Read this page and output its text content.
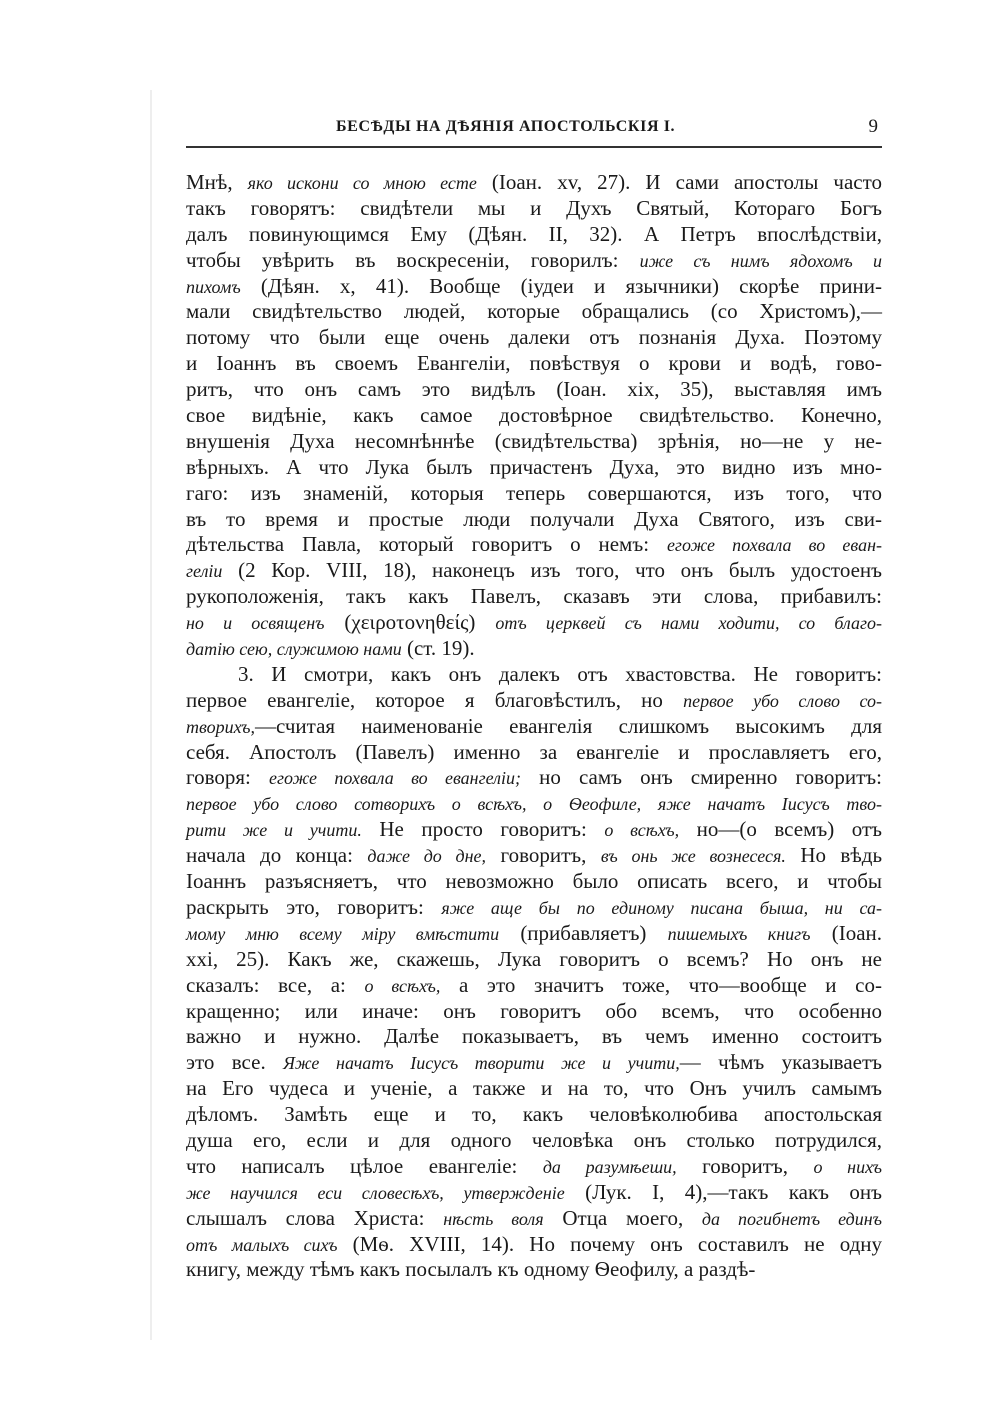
БЕСѢДЫ НА ДѢЯНІЯ АПОСТОЛЬСКІЯ I.	9
Мнѣ, яко искони со мною есте (Іоан. xv, 27). И сами апостолы часто
такъ говорятъ: свидѣтели мы и Духъ Святый, Котораго Богъ
далъ повинующимся Ему (Дѣян. II, 32). А Петръ впослѣдствіи,
чтобы увѣрить въ воскресеніи, говорилъ: иже съ нимъ ядохомъ и
пихомъ (Дѣян. x, 41). Вообще (іудеи и язычники) скорѣе прини-
мали свидѣтельство людей, которые обращались (со Христомъ),—
потому что были еще очень далеки отъ познанія Духа. Поэтому
и Іоаннъ въ своемъ Евангеліи, повѣствуя о крови и водѣ, гово-
ритъ, что онъ самъ это видѣлъ (Іоан. xix, 35), выставляя имъ
свое видѣніе, какъ самое достовѣрное свидѣтельство. Конечно,
внушенія Духа несомнѣннѣе (свидѣтельства) зрѣнія, но—не у не-
вѣрныхъ. А что Лука былъ причастенъ Духа, это видно изъ мно-
гаго: изъ знаменій, которыя теперь совершаются, изъ того, что
въ то время и простые люди получали Духа Святого, изъ сви-
дѣтельства Павла, который говоритъ о немъ: егоже похвала во еван-
геліи (2 Кор. VIII, 18), наконецъ изъ того, что онъ былъ удостоенъ
рукоположенія, такъ какъ Павелъ, сказавъ эти слова, прибавилъ:
но и освященъ (χειροτονηθείς) отъ церквей съ нами ходити, со благо-
датію сею, служимою нами (ст. 19).
3. И смотри, какъ онъ далекъ отъ хвастовства. Не говоритъ:
первое евангеліе, которое я благовѣстилъ, но первое убо слово со-
творихъ,—считая наименованіе евангелія слишкомъ высокимъ для
себя. Апостолъ (Павелъ) именно за евангеліе и прославляетъ его,
говоря: егоже похвала во евангеліи; но самъ онъ смиренно говоритъ:
первое убо слово сотворихъ о всѣхъ, о Ѳеофиле, яже начатъ Іисусъ тво-
рити же и учити. Не просто говоритъ: о всѣхъ, но—(о всемъ) отъ
начала до конца: даже до дне, говоритъ, въ онь же вознесеся. Но вѣдь
Іоаннъ разъясняетъ, что невозможно было описать всего, и чтобы
раскрыть это, говоритъ: яже аще бы по единому писана быша, ни са-
мому мню всему міру вмѣстити (прибавляетъ) пишемыхъ книгъ (Іоан.
xxi, 25). Какъ же, скажешь, Лука говоритъ о всемъ? Но онъ не
сказалъ: все, а: о всѣхъ, а это значитъ тоже, что—вообще и со-
кращенно; или иначе: онъ говоритъ обо всемъ, что особенно
важно и нужно. Далѣе показываетъ, въ чемъ именно состоитъ
это все. Яже начатъ Іисусъ творити же и учити,— чѣмъ указываетъ
на Его чудеса и ученіе, а также и на то, что Онъ училъ самымъ
дѣломъ. Замѣть еще и то, какъ человѣколюбива апостольская
душа его, если и для одного человѣка онъ столько потрудился,
что написалъ цѣлое евангеліе: да разумѣеши, говоритъ, о нихъ
же научился еси словесѣхъ, утвержденіе (Лук. I, 4),—такъ какъ онъ
слышалъ слова Христа: нѣсть воля Отца моего, да погибнетъ единъ
отъ малыхъ сихъ (Мѳ. XVIII, 14). Но почему онъ составилъ не одну
книгу, между тѣмъ какъ посылалъ къ одному Ѳеофилу, а раздѣ-
